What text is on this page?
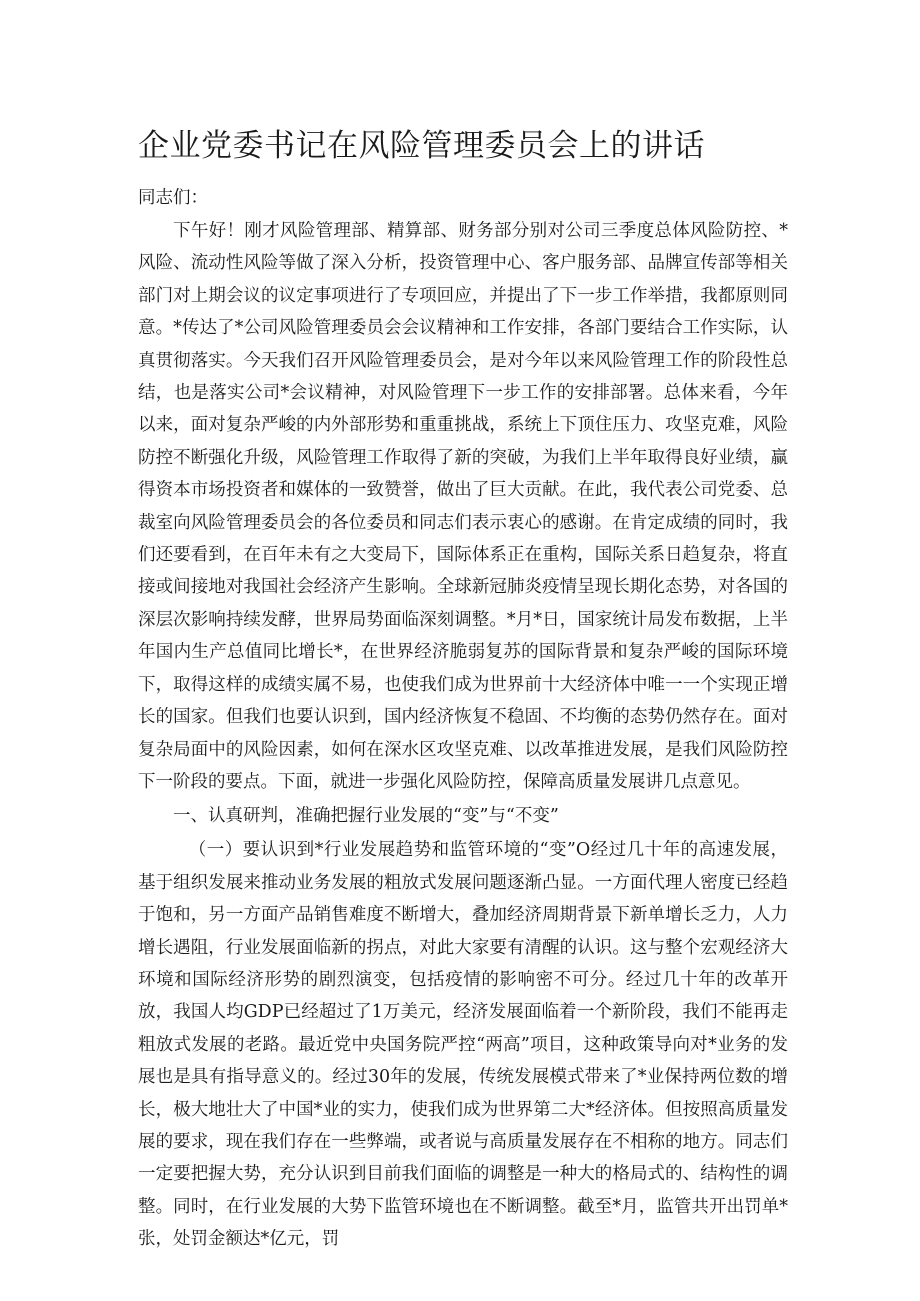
企业党委书记在风险管理委员会上的讲话

同志们：

下午好！刚才风险管理部、精算部、财务部分别对公司三季度总体风险防控、*风险、流动性风险等做了深入分析，投资管理中心、客户服务部、品牌宣传部等相关部门对上期会议的议定事项进行了专项回应，并提出了下一步工作举措，我都原则同意。*传达了*公司风险管理委员会会议精神和工作安排，各部门要结合工作实际，认真贯彻落实。今天我们召开风险管理委员会，是对今年以来风险管理工作的阶段性总结，也是落实公司*会议精神，对风险管理下一步工作的安排部署。总体来看，今年以来，面对复杂严峻的内外部形势和重重挑战，系统上下顶住压力、攻坚克难，风险防控不断强化升级，风险管理工作取得了新的突破，为我们上半年取得良好业绩，赢得资本市场投资者和媒体的一致赞誉，做出了巨大贡献。在此，我代表公司党委、总裁室向风险管理委员会的各位委员和同志们表示衷心的感谢。在肯定成绩的同时，我们还要看到，在百年未有之大变局下，国际体系正在重构，国际关系日趋复杂，将直接或间接地对我国社会经济产生影响。全球新冠肺炎疫情呈现长期化态势，对各国的深层次影响持续发酵，世界局势面临深刻调整。*月*日，国家统计局发布数据，上半年国内生产总值同比增长*，在世界经济脆弱复苏的国际背景和复杂严峻的国际环境下，取得这样的成绩实属不易，也使我们成为世界前十大经济体中唯一一个实现正增长的国家。但我们也要认识到，国内经济恢复不稳固、不均衡的态势仍然存在。面对复杂局面中的风险因素，如何在深水区攻坚克难、以改革推进发展，是我们风险防控下一阶段的要点。下面，就进一步强化风险防控，保障高质量发展讲几点意见。

一、认真研判，准确把握行业发展的“变”与“不变”

（一）要认识到*行业发展趋势和监管环境的“变”O经过几十年的高速发展，基于组织发展来推动业务发展的粗放式发展问题逐渐凸显。一方面代理人密度已经趋于饱和，另一方面产品销售难度不断增大，叠加经济周期背景下新单增长乏力，人力增长遇阻，行业发展面临新的拐点，对此大家要有清醒的认识。这与整个宏观经济大环境和国际经济形势的剧烈演变，包括疫情的影响密不可分。经过几十年的改革开放，我国人均GDP已经超过了1万美元，经济发展面临着一个新阶段，我们不能再走粗放式发展的老路。最近党中央国务院严控“两高”项目，这种政策导向对*业务的发展也是具有指导意义的。经过30年的发展，传统发展模式带来了*业保持两位数的增长，极大地壮大了中国*业的实力，使我们成为世界第二大*经济体。但按照高质量发展的要求，现在我们存在一些弊端，或者说与高质量发展存在不相称的地方。同志们一定要把握大势，充分认识到目前我们面临的调整是一种大的格局式的、结构性的调整。同时，在行业发展的大势下监管环境也在不断调整。截至*月，监管共开出罚单*张，处罚金额达*亿元，罚
